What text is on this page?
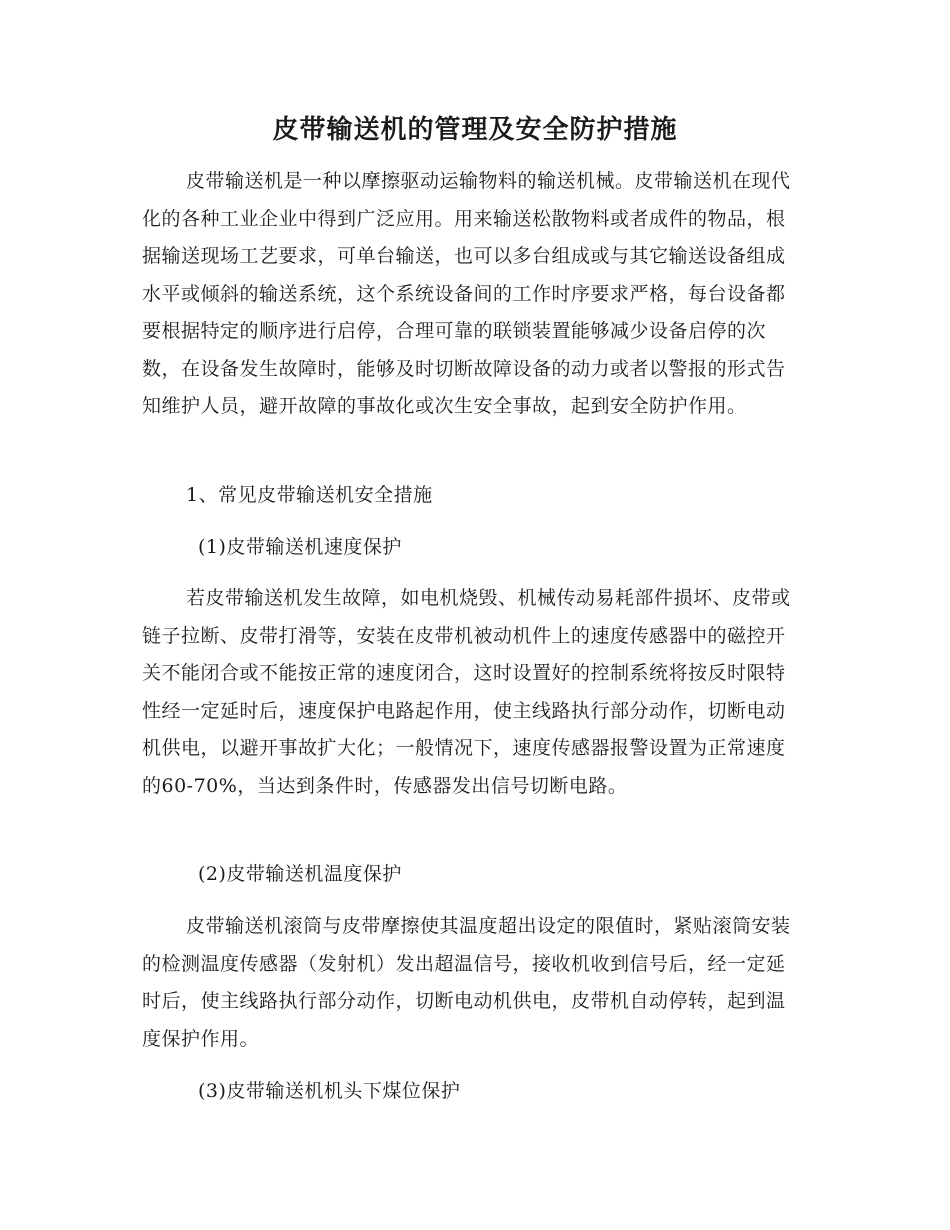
皮带输送机的管理及安全防护措施

皮带输送机是一种以摩擦驱动运输物料的输送机械。皮带输送机在现代化的各种工业企业中得到广泛应用。用来输送松散物料或者成件的物品，根据输送现场工艺要求，可单台输送，也可以多台组成或与其它输送设备组成水平或倾斜的输送系统，这个系统设备间的工作时序要求严格，每台设备都要根据特定的顺序进行启停，合理可靠的联锁装置能够减少设备启停的次数，在设备发生故障时，能够及时切断故障设备的动力或者以警报的形式告知维护人员，避开故障的事故化或次生安全事故，起到安全防护作用。

1、常见皮带输送机安全措施

(1)皮带输送机速度保护

若皮带输送机发生故障，如电机烧毁、机械传动易耗部件损坏、皮带或链子拉断、皮带打滑等，安装在皮带机被动机件上的速度传感器中的磁控开关不能闭合或不能按正常的速度闭合，这时设置好的控制系统将按反时限特性经一定延时后，速度保护电路起作用，使主线路执行部分动作，切断电动机供电，以避开事故扩大化；一般情况下，速度传感器报警设置为正常速度的60-70%，当达到条件时，传感器发出信号切断电路。

(2)皮带输送机温度保护

皮带输送机滚筒与皮带摩擦使其温度超出设定的限值时，紧贴滚筒安装的检测温度传感器（发射机）发出超温信号，接收机收到信号后，经一定延时后，使主线路执行部分动作，切断电动机供电，皮带机自动停转，起到温度保护作用。

(3)皮带输送机机头下煤位保护
